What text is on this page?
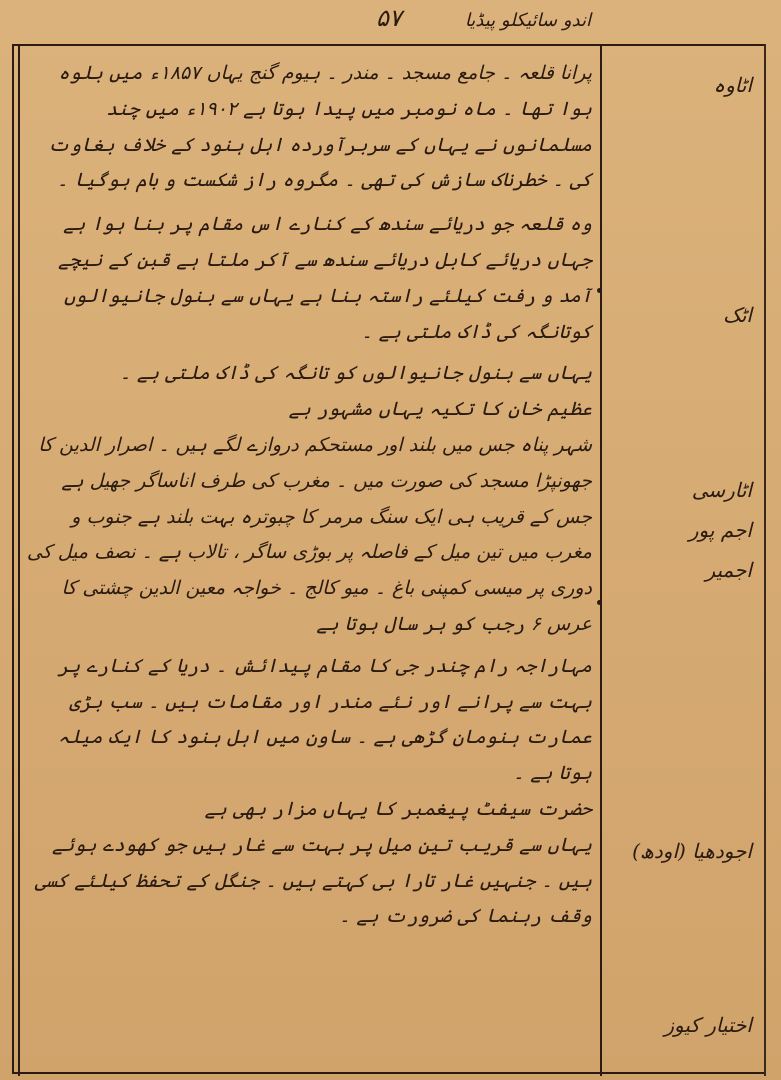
۵۷	اندو سائیکلو پیڈیا

پرانا قلعہ ۔ جامع مسجد ۔ مندر ۔ ہیوم گنج یہاں ۱۸۵۷ء میں بلوہ ہوا تھا ۔ ماہ نومبر میں پیدا ہوتا ہے ۱۹۰۲ء میں چند مسلمانوں نے یہاں کے سربرآوردہ اہل ہنود کے خلاف بغاوت کی ۔ خطرناک سازش کی تھی ۔ مگروہ راز شکست و بام ہوگیا ۔

وہ قلعہ جو دریائے سندھ کے کنارے اس مقام پر بنا ہوا ہے جہاں دریائے کابل دریائے سندھ سے آکر ملتا ہے قبن کے نیچے آمد و رفت کیلئے راستہ بنا ہے یہاں سے بنول جانیوالوں کوتانگہ کی ڈاک ملتی ہے ۔

یہاں سے بنول جانیوالوں کو تانگہ کی ڈاک ملتی ہے ۔

عظیم خان کا تکیہ یہاں مشہور ہے

شہر پناہ جس میں بلند اور مستحکم دروازے لگے ہیں ۔ اصرار الدین کا جھونپڑا مسجد کی صورت میں ۔ مغرب کی طرف اناساگر جھیل ہے جس کے قریب ہی ایک سنگ مرمر کا چبوترہ بہت بلند ہے جنوب و مغرب میں تین میل کے فاصلہ پر بوڑی ساگر ، تالاب ہے ۔ نصف میل کی دوری پر میسی کمپنی باغ ۔ میو کالج ۔ خواجہ معین الدین چشتی کا عرس ۶ رجب کو ہر سال ہوتا ہے

مہاراجہ رام چندر جی کا مقام پیدائش ۔ دریا کے کنارے پر بہت سے پرانے اور نئے مندر اور مقامات ہیں ۔ سب بڑی عمارت ہنومان گڑھی ہے ۔ ساون میں اہل ہنود کا ایک میلہ ہوتا ہے ۔

حضرت سیفٹ پیغمبر کا یہاں مزار بھی ہے

یہاں سے قریب تین میل پر بہت سے غار ہیں جو کھودے ہوئے ہیں ۔ جنہیں غار تارا بی کہتے ہیں ۔ جنگل کے تحفظ کیلئے کسی وقف رہنما کی ضرورت ہے ۔

اٹاوہ
اٹک
اٹارسی
اجم پور
اجمیر
اجودھیا (اودھ)
اختیار کیوز
